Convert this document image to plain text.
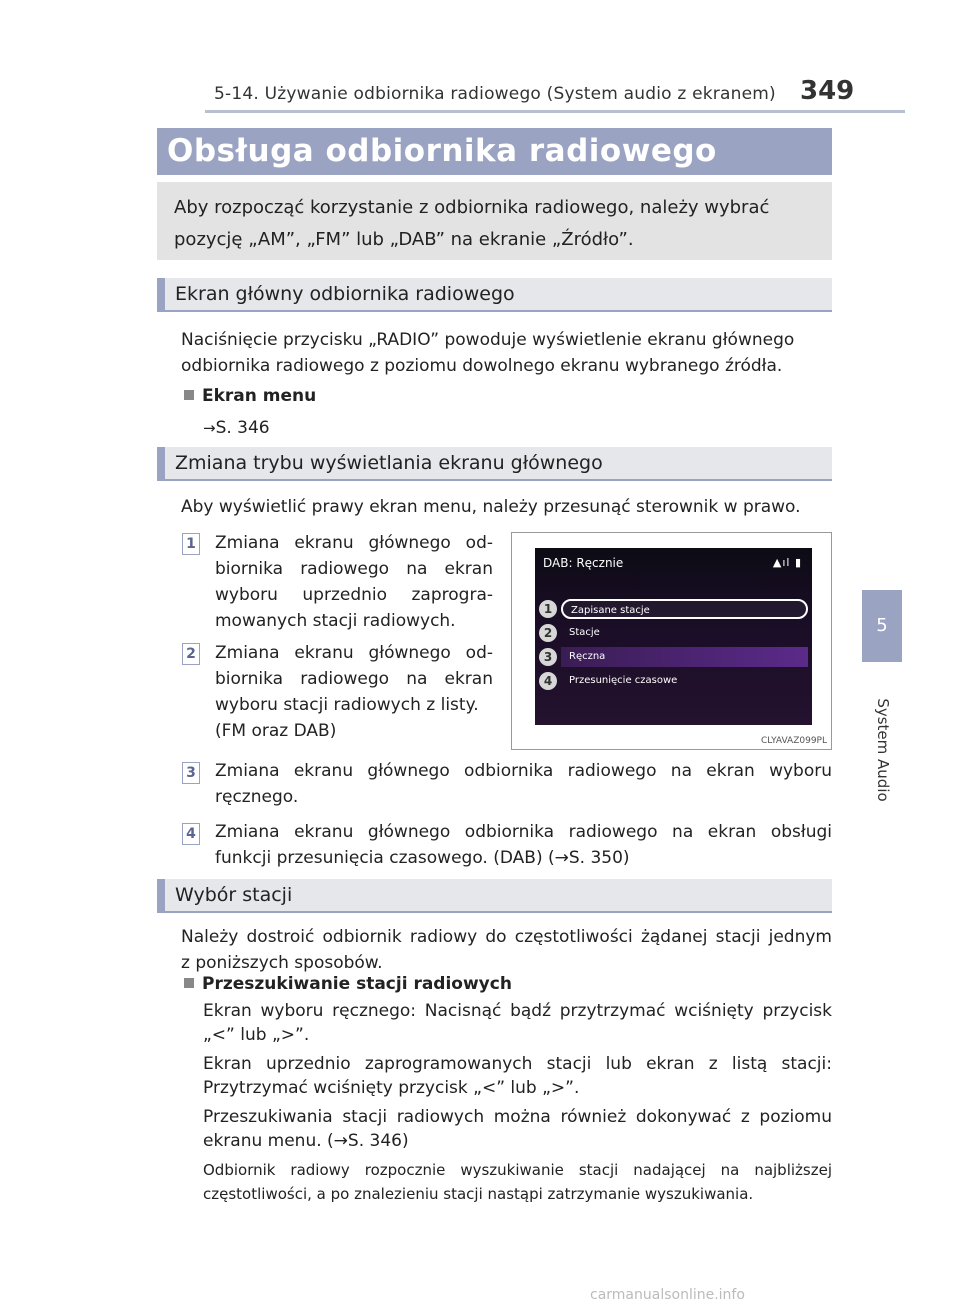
5-14. Używanie odbiornika radiowego (System audio z ekranem) 349
5
System Audio
Obsługa odbiornika radiowego
Aby rozpocząć korzystanie z odbiornika radiowego, należy wybrać
pozycję „AM”, „FM” lub „DAB” na ekranie „Źródło”.
Ekran główny odbiornika radiowego
Naciśnięcie przycisku „RADIO” powoduje wyświetlenie ekranu głównego
odbiornika radiowego z poziomu dowolnego ekranu wybranego źródła.
Ekran menu
→S. 346
Zmiana trybu wyświetlania ekranu głównego
Aby wyświetlić prawy ekran menu, należy przesunąć sterownik w prawo.
1 Zmiana ekranu głównego od-
biornika radiowego na ekran
wyboru uprzednio zaprogra-
mowanych stacji radiowych.
2 Zmiana ekranu głównego od-
biornika radiowego na ekran
wyboru stacji radiowych z listy.
(FM oraz DAB)
DAB: Ręcznie	▲ıl ▮
1	Zapisane stacje
2	Stacje
3	Ręczna
4	Przesunięcie czasowe
CLYAVAZ099PL
3 Zmiana ekranu głównego odbiornika radiowego na ekran wyboru
ręcznego.
4 Zmiana ekranu głównego odbiornika radiowego na ekran obsługi
funkcji przesunięcia czasowego. (DAB) (→S. 350)
Wybór stacji
Należy dostroić odbiornik radiowy do częstotliwości żądanej stacji jednym
z poniższych sposobów.
Przeszukiwanie stacji radiowych
Ekran wyboru ręcznego: Nacisnąć bądź przytrzymać wciśnięty przycisk
„<” lub „>”.
Ekran uprzednio zaprogramowanych stacji lub ekran z listą stacji:
Przytrzymać wciśnięty przycisk „<” lub „>”.
Przeszukiwania stacji radiowych można również dokonywać z poziomu
ekranu menu. (→S. 346)
Odbiornik radiowy rozpocznie wyszukiwanie stacji nadającej na najbliższej
częstotliwości, a po znalezieniu stacji nastąpi zatrzymanie wyszukiwania.
carmanualsonline.info
